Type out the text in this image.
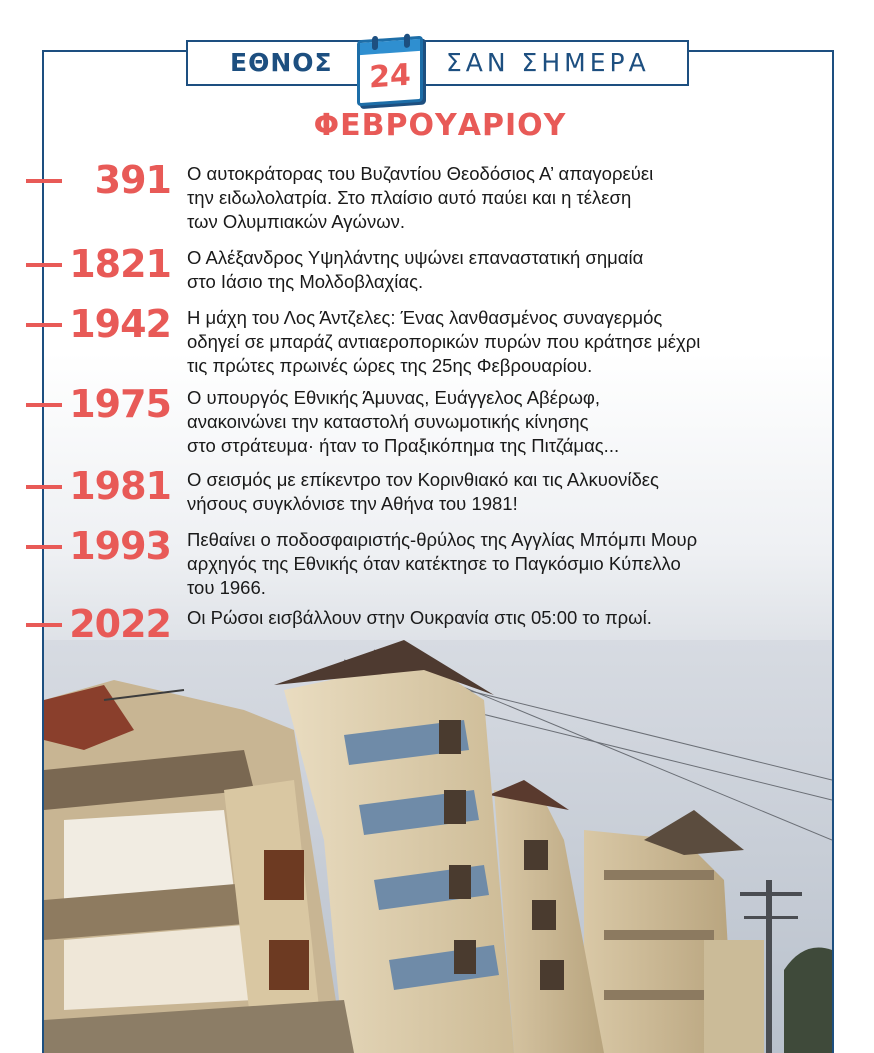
ΕΘΝΟΣ	ΣΑΝ ΣΗΜΕΡΑ
24
ΦΕΒΡΟΥΑΡΙΟΥ
391 Ο αυτοκράτορας του Βυζαντίου Θεοδόσιος Α’ απαγορεύει
την ειδωλολατρία. Στο πλαίσιο αυτό παύει και η τέλεση
των Ολυμπιακών Αγώνων.
1821 Ο Αλέξανδρος Υψηλάντης υψώνει επαναστατική σημαία
στο Ιάσιο της Μολδοβλαχίας.
1942 Η μάχη του Λος Άντζελες: Ένας λανθασμένος συναγερμός
οδηγεί σε μπαράζ αντιαεροπορικών πυρών που κράτησε μέχρι
τις πρώτες πρωινές ώρες της 25ης Φεβρουαρίου.
1975 Ο υπουργός Εθνικής Άμυνας, Ευάγγελος Αβέρωφ,
ανακοινώνει την καταστολή συνωμοτικής κίνησης
στο στράτευμα· ήταν το Πραξικόπημα της Πιτζάμας...
1981 Ο σεισμός με επίκεντρο τον Κορινθιακό και τις Αλκυονίδες
νήσους συγκλόνισε την Αθήνα του 1981!
1993 Πεθαίνει ο ποδοσφαιριστής-θρύλος της Αγγλίας Μπόμπι Μουρ
αρχηγός της Εθνικής όταν κατέκτησε το Παγκόσμιο Κύπελλο
του 1966.
2022 Οι Ρώσοι εισβάλλουν στην Ουκρανία στις 05:00 το πρωί.
